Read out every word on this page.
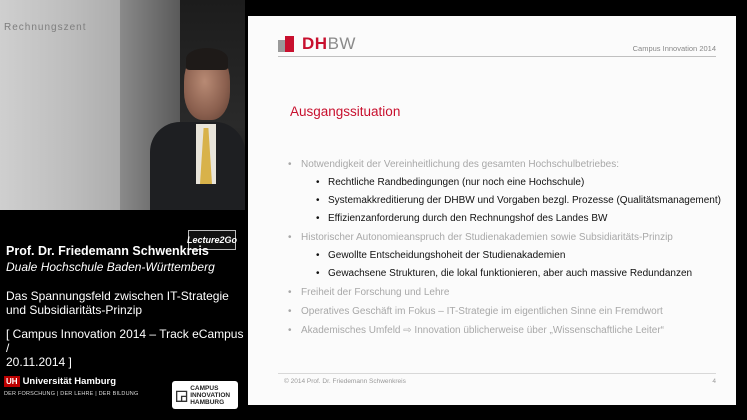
Rechnungszent
Lecture2Go
Prof. Dr. Friedemann Schwenkreis
Duale Hochschule Baden-Württemberg
Das Spannungsfeld zwischen IT-Strategie
und Subsidiaritäts-Prinzip
[ Campus Innovation 2014 – Track eCampus /
20.11.2014 ]
UH Universität Hamburg
DER FORSCHUNG | DER LEHRE | DER BILDUNG	◲ CAMPUS
INNOVATION
HAMBURG
DHBW	Campus Innovation 2014
Ausgangssituation
• Notwendigkeit der Vereinheitlichung des gesamten Hochschulbetriebes:
• Rechtliche Randbedingungen (nur noch eine Hochschule)
• Systemakkreditierung der DHBW und Vorgaben bezgl. Prozesse (Qualitätsmanagement)
• Effizienzanforderung durch den Rechnungshof des Landes BW
• Historischer Autonomieanspruch der Studienakademien sowie Subsidiaritäts-Prinzip
• Gewollte Entscheidungshoheit der Studienakademien
• Gewachsene Strukturen, die lokal funktionieren, aber auch massive Redundanzen
• Freiheit der Forschung und Lehre
• Operatives Geschäft im Fokus – IT-Strategie im eigentlichen Sinne ein Fremdwort
• Akademisches Umfeld ⇨ Innovation üblicherweise über „Wissenschaftliche Leiter“
© 2014 Prof. Dr. Friedemann Schwenkreis	4
